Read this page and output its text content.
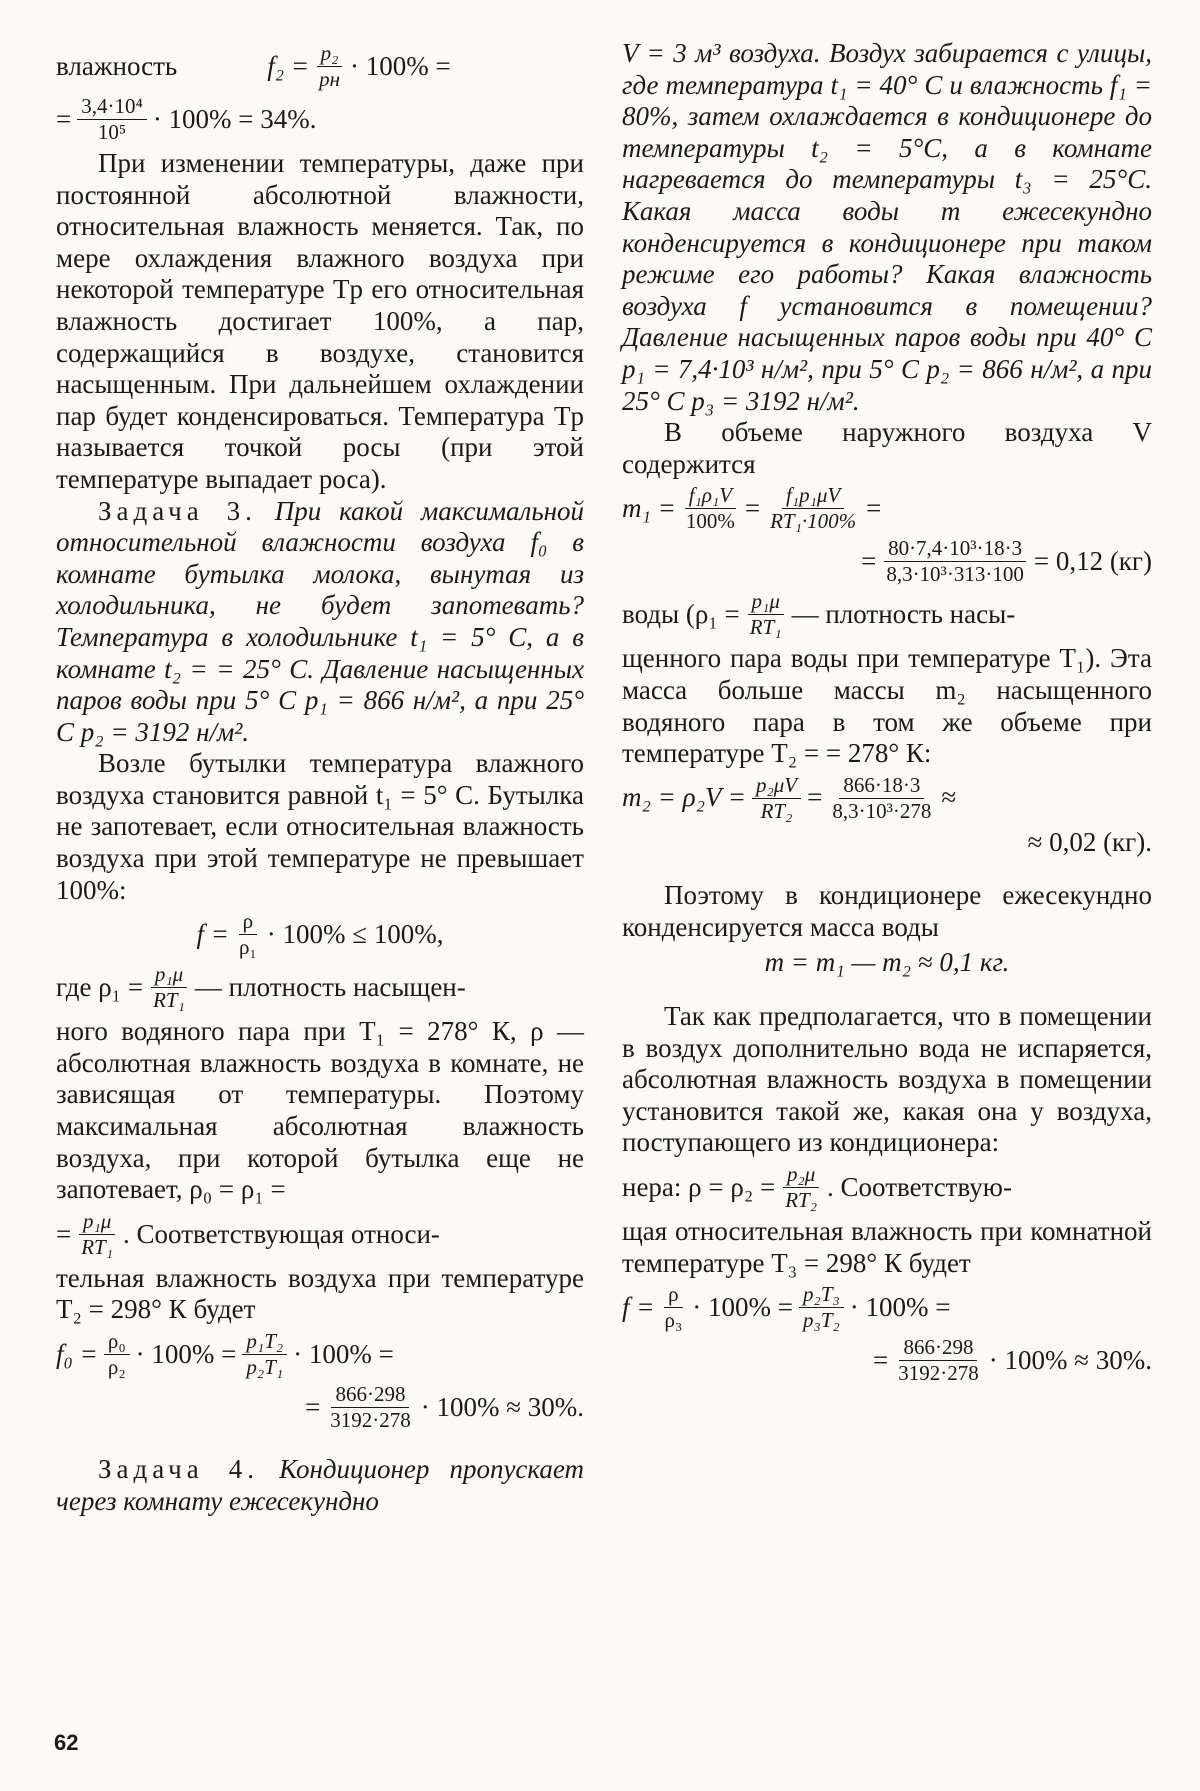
влажность	f₂ = p₂
pн · 100% =
= $\frac{\text{3,4·10⁴}}{\text{10⁵}} \cdot 100\% = 34\%$.

При изменении температуры, даже при постоянной абсолютной влажности, относительная влажность меняется. Так, по мере охлаждения влажного воздуха при некоторой температуре Tр его относительная влажность достигает 100%, а пар, содержащийся в воздухе, становится насыщенным. При дальнейшем охлаждении пар будет конденсироваться. Температура Tр называется точкой росы (при этой температуре выпадает роса).

Задача 3. При какой максимальной относительной влажности воздуха f₀ в комнате бутылка молока, вынутая из холодильника, не будет запотевать? Температура в холодильнике t₁ = 5° С, а в комнате t₂ = = 25° С. Давление насыщенных паров воды при 5° С p₁ = 866 н/м², а при 25° С p₂ = 3192 н/м².

Возле бутылки температура влажного воздуха становится равной t₁ = 5° С. Бутылка не запотевает, если относительная влажность воздуха при этой температуре не превышает 100%:

$f = \frac{\rho}{\text{ρ₁}} \cdot 100\% \le 100\%$,
где $\rho_1 = \frac{\text{p₁μ}}{\text{RT₁}}$ — плотность насыщен-

ного водяного пара при T₁ = 278° К, ρ — абсолютная влажность воздуха в комнате, не зависящая от температуры. Поэтому максимальная абсолютная влажность воздуха, при которой бутылка еще не запотевает, ρ₀ = ρ₁ =

= $\frac{\text{p₁μ}}{\text{RT₁}}$ . Соответствующая относи-

тельная влажность воздуха при температуре T₂ = 298° К будет

$f_0 = \frac{\text{ρ₀}}{\text{ρ₂}} \cdot 100\% = \frac{\text{p₁T₂}}{\text{p₂T₁}} \cdot 100\%$ =
= $\frac{866\cdot 298}{3192\cdot 278} \cdot 100\% \approx 30\%$.

Задача 4. Кондиционер пропускает через комнату ежесекундно

V = 3 м³ воздуха. Воздух забирается с улицы, где температура t₁ = 40° С и влажность f₁ = 80%, затем охлаждается в кондиционере до температуры t₂ = 5°С, а в комнате нагревается до температуры t₃ = 25°С. Какая масса воды m ежесекундно конденсируется в кондиционере при таком режиме его работы? Какая влажность воздуха f установится в помещении? Давление насыщенных паров воды при 40° С p₁ = 7,4·10³ н/м², при 5° С p₂ = 866 н/м², а при 25° С p₃ = 3192 н/м².

В объеме наружного воздуха V содержится

$m_1 = \frac{\text{f₁ρ₁V}}{100\%} = \frac{\text{f₁p₁μV}}{\text{RT₁·100\%}}$ =
= $\frac{\text{80·7,4·10³·18·3}}{\text{8,3·10³·313·100}} = 0,12$ (кг)
воды ($\rho_1 = \frac{\text{p₁μ}}{\text{RT₁}}$ — плотность насы-

щенного пара воды при температуре T₁). Эта масса больше массы m₂ насыщенного водяного пара в том же объеме при температуре T₂ = = 278° К:

$m_2 = \rho_2V = \frac{\text{p₂μV}}{\text{RT₂}} = \frac{866\cdot 18\cdot 3}{\text{8,3·10³·278}}$ ≈
≈ 0,02 (кг).

Поэтому в кондиционере ежесекундно конденсируется масса воды

m = m₁ — m₂ ≈ 0,1 кг.

Так как предполагается, что в помещении в воздух дополнительно вода не испаряется, абсолютная влажность воздуха в помещении установится такой же, какая она у воздуха, поступающего из кондиционера:

нера: $\rho = \rho_2 = \frac{\text{p₂μ}}{\text{RT₂}}$ . Соответствую-

щая относительная влажность при комнатной температуре T₃ = 298° К будет

$f = \frac{\rho}{\text{ρ₃}} \cdot 100\% = \frac{\text{p₂T₃}}{\text{p₃T₂}} \cdot 100\%$ =
= $\frac{866\cdot 298}{3192\cdot 278} \cdot 100\% \approx 30\%$.
62
